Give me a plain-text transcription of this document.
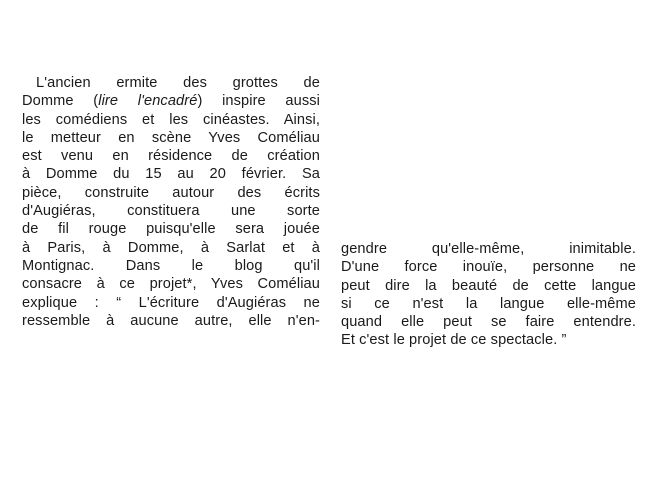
L'ancien ermite des grottes de
Domme (lire l'encadré) inspire aussi
les comédiens et les cinéastes. Ainsi,
le metteur en scène Yves Coméliau
est venu en résidence de création
à Domme du 15 au 20 février. Sa
pièce, construite autour des écrits
d'Augiéras, constituera une sorte
de fil rouge puisqu'elle sera jouée
à Paris, à Domme, à Sarlat et à
Montignac. Dans le blog qu'il
consacre à ce projet*, Yves Coméliau
explique : “ L'écriture d'Augiéras ne
ressemble à aucune autre, elle n'en-
gendre qu'elle-même, inimitable.
D'une force inouïe, personne ne
peut dire la beauté de cette langue
si ce n'est la langue elle-même
quand elle peut se faire entendre.
Et c'est le projet de ce spectacle. ”
